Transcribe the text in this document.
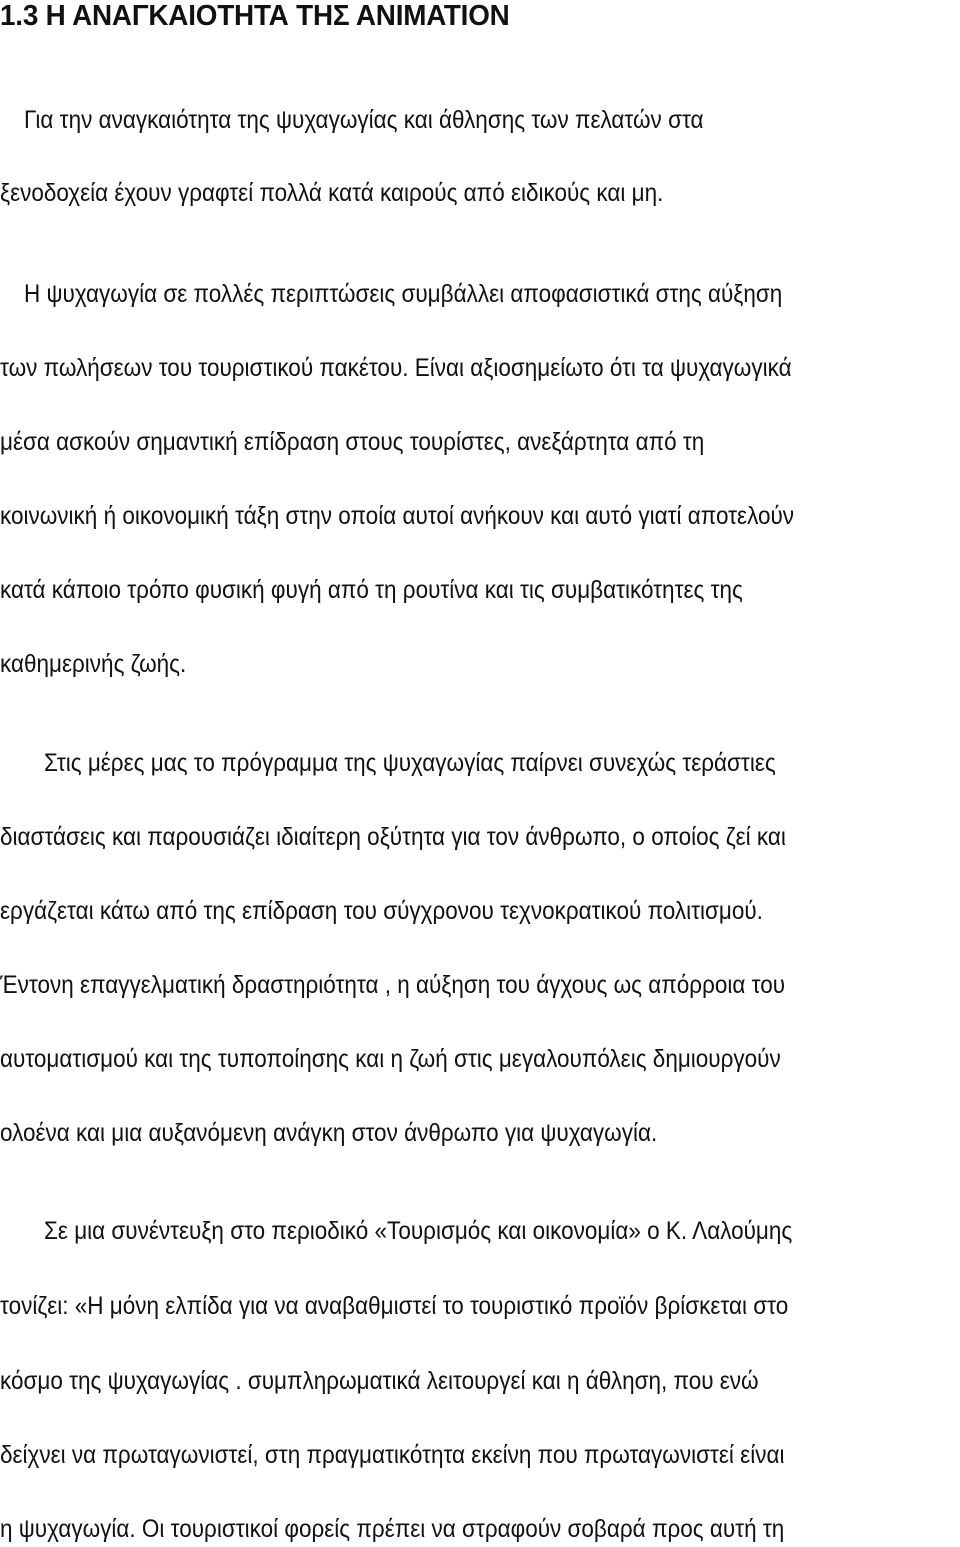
1.3 Η ΑΝΑΓΚΑΙΟΤΗΤΑ ΤΗΣ ΑΝΙΜΑΤΙΟΝ

Για την αναγκαιότητα της ψυχαγωγίας και άθλησης των πελατών στα

ξενοδοχεία έχουν γραφτεί πολλά κατά καιρούς από ειδικούς και μη.

Η ψυχαγωγία σε πολλές περιπτώσεις συμβάλλει αποφασιστικά στης αύξηση

των πωλήσεων του τουριστικού πακέτου. Είναι αξιοσημείωτο ότι τα ψυχαγωγικά

μέσα ασκούν σημαντική επίδραση στους τουρίστες, ανεξάρτητα από τη

κοινωνική ή οικονομική τάξη στην οποία αυτοί ανήκουν και αυτό γιατί αποτελούν

κατά κάποιο τρόπο φυσική φυγή από τη ρουτίνα και τις συμβατικότητες της

καθημερινής ζωής.

Στις μέρες μας το πρόγραμμα της ψυχαγωγίας παίρνει συνεχώς τεράστιες

διαστάσεις και παρουσιάζει ιδιαίτερη οξύτητα για τον άνθρωπο, ο οποίος ζεί και

εργάζεται κάτω από της επίδραση του σύγχρονου τεχνοκρατικού πολιτισμού.

Έντονη επαγγελματική δραστηριότητα , η αύξηση του άγχους ως απόρροια του

αυτοματισμού και της τυποποίησης και η ζωή στις μεγαλουπόλεις δημιουργούν

ολοένα και μια αυξανόμενη ανάγκη στον άνθρωπο για ψυχαγωγία.

Σε μια συνέντευξη στο περιοδικό «Τουρισμός και οικονομία» ο Κ. Λαλούμης

τονίζει: «Η μόνη ελπίδα για να αναβαθμιστεί το τουριστικό προϊόν βρίσκεται στο

κόσμο της ψυχαγωγίας . συμπληρωματικά λειτουργεί και η άθληση, που ενώ

δείχνει να πρωταγωνιστεί, στη πραγματικότητα εκείνη που πρωταγωνιστεί είναι

η ψυχαγωγία. Οι τουριστικοί φορείς πρέπει να στραφούν σοβαρά προς αυτή τη
